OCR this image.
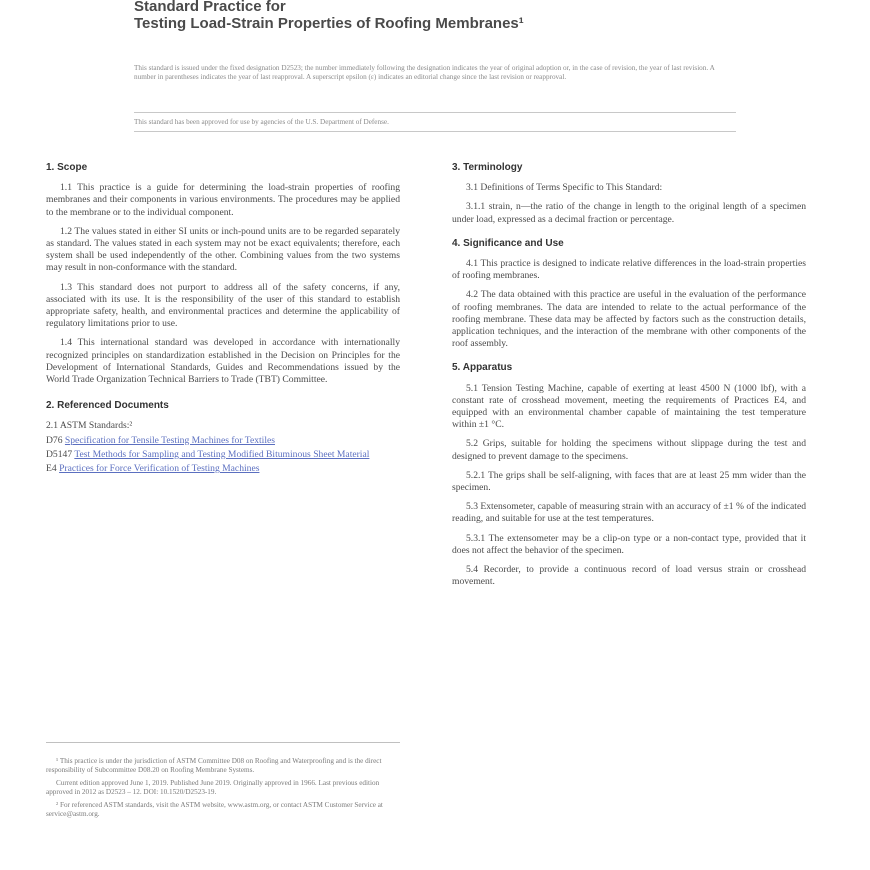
Standard Practice for
Testing Load-Strain Properties of Roofing Membranes¹
This standard is issued under the fixed designation D2523; the number immediately following the designation indicates the year of original adoption or, in the case of revision, the year of last revision. A number in parentheses indicates the year of last reapproval. A superscript epsilon (ε) indicates an editorial change since the last revision or reapproval.
This standard has been approved for use by agencies of the U.S. Department of Defense.
1. Scope

1.1 This practice is a guide for determining the load-strain properties of roofing membranes and their components in various environments. The procedures may be applied to the membrane or to the individual component.

1.2 The values stated in either SI units or inch-pound units are to be regarded separately as standard. The values stated in each system may not be exact equivalents; therefore, each system shall be used independently of the other. Combining values from the two systems may result in non-conformance with the standard.

1.3 This standard does not purport to address all of the safety concerns, if any, associated with its use. It is the responsibility of the user of this standard to establish appropriate safety, health, and environmental practices and determine the applicability of regulatory limitations prior to use.

1.4 This international standard was developed in accordance with internationally recognized principles on standardization established in the Decision on Principles for the Development of International Standards, Guides and Recommendations issued by the World Trade Organization Technical Barriers to Trade (TBT) Committee.

2. Referenced Documents
2.1 ASTM Standards:²
D76 Specification for Tensile Testing Machines for Textiles
D5147 Test Methods for Sampling and Testing Modified Bituminous Sheet Material
E4 Practices for Force Verification of Testing Machines

¹ This practice is under the jurisdiction of ASTM Committee D08 on Roofing and Waterproofing and is the direct responsibility of Subcommittee D08.20 on Roofing Membrane Systems.

Current edition approved June 1, 2019. Published June 2019. Originally approved in 1966. Last previous edition approved in 2012 as D2523 – 12. DOI: 10.1520/D2523-19.

² For referenced ASTM standards, visit the ASTM website, www.astm.org, or contact ASTM Customer Service at service@astm.org.

3. Terminology

3.1 Definitions of Terms Specific to This Standard:

3.1.1 strain, n—the ratio of the change in length to the original length of a specimen under load, expressed as a decimal fraction or percentage.

4. Significance and Use

4.1 This practice is designed to indicate relative differences in the load-strain properties of roofing membranes.

4.2 The data obtained with this practice are useful in the evaluation of the performance of roofing membranes. The data are intended to relate to the actual performance of the roofing membrane. These data may be affected by factors such as the construction details, application techniques, and the interaction of the membrane with other components of the roof assembly.

5. Apparatus

5.1 Tension Testing Machine, capable of exerting at least 4500 N (1000 lbf), with a constant rate of crosshead movement, meeting the requirements of Practices E4, and equipped with an environmental chamber capable of maintaining the test temperature within ±1 °C.

5.2 Grips, suitable for holding the specimens without slippage during the test and designed to prevent damage to the specimens.

5.2.1 The grips shall be self-aligning, with faces that are at least 25 mm wider than the specimen.

5.3 Extensometer, capable of measuring strain with an accuracy of ±1 % of the indicated reading, and suitable for use at the test temperatures.

5.3.1 The extensometer may be a clip-on type or a non-contact type, provided that it does not affect the behavior of the specimen.

5.4 Recorder, to provide a continuous record of load versus strain or crosshead movement.
